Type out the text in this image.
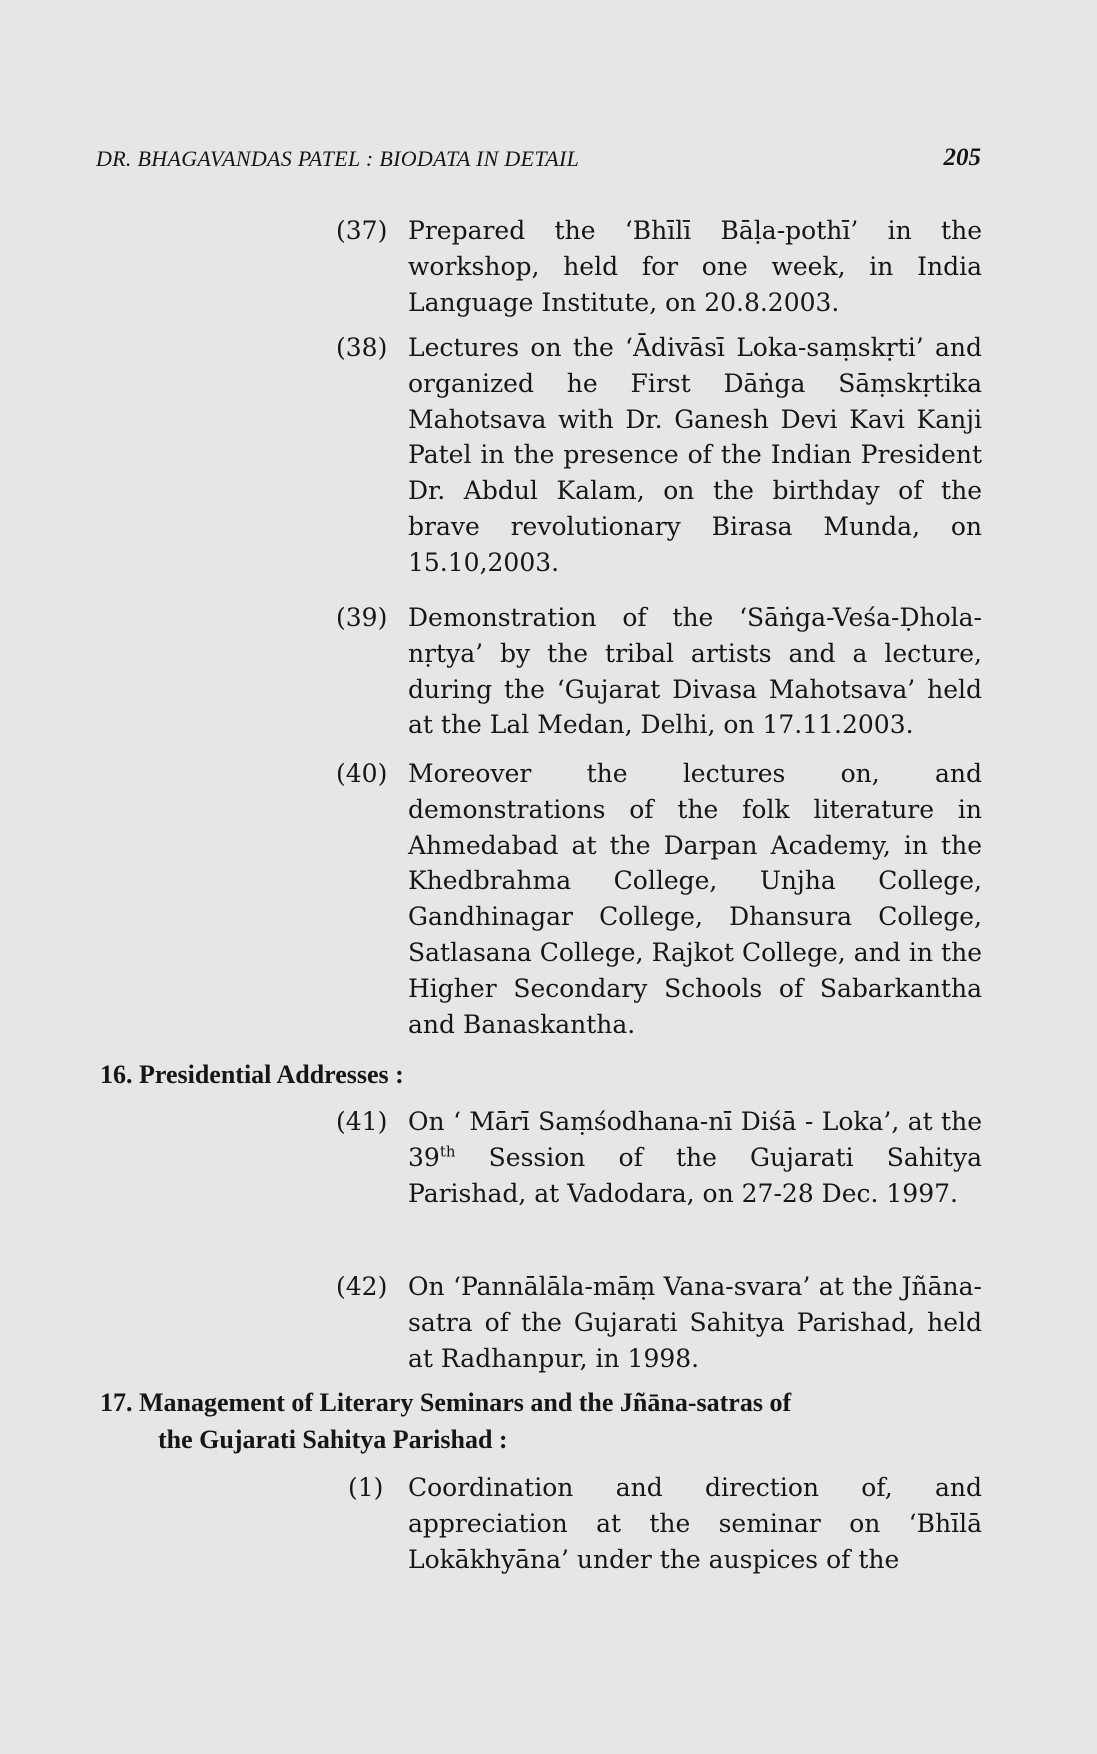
DR. BHAGAVANDAS PATEL : BIODATA IN DETAIL	205
(37) Prepared the ‘Bhīlī Bāḷa-pothī’ in the workshop, held for one week, in India Language Institute, on 20.8.2003.
(38) Lectures on the ‘Ādivāsī Loka-saṃskṛti’ and organized he First Dāṅga Sāṃskṛtika Mahotsava with Dr. Ganesh Devi Kavi Kanji Patel in the presence of the Indian President Dr. Abdul Kalam, on the birthday of the brave revolutionary Birasa Munda, on 15.10,2003.
(39) Demonstration of the ‘Sāṅga-Veśa-Ḍhola-nṛtya’ by the tribal artists and a lecture, during the ‘Gujarat Divasa Mahotsava’ held at the Lal Medan, Delhi, on 17.11.2003.
(40) Moreover the lectures on, and demonstrations of the folk literature in Ahmedabad at the Darpan Academy, in the Khedbrahma College, Unjha College, Gandhinagar College, Dhansura College, Satlasana College, Rajkot College, and in the Higher Secondary Schools of Sabarkantha and Banaskantha.
16. Presidential Addresses :
(41) On ‘ Mārī Saṃśodhana-nī Diśā - Loka’, at the 39th Session of the Gujarati Sahitya Parishad, at Vadodara, on 27-28 Dec. 1997.
(42) On ‘Pannālāla-māṃ Vana-svara’ at the Jñāna-satra of the Gujarati Sahitya Parishad, held at Radhanpur, in 1998.
17. Management of Literary Seminars and the Jñāna-satras of
the Gujarati Sahitya Parishad :
(1) Coordination and direction of, and appreciation at the seminar on ‘Bhīlā Lokākhyāna’ under the auspices of the
